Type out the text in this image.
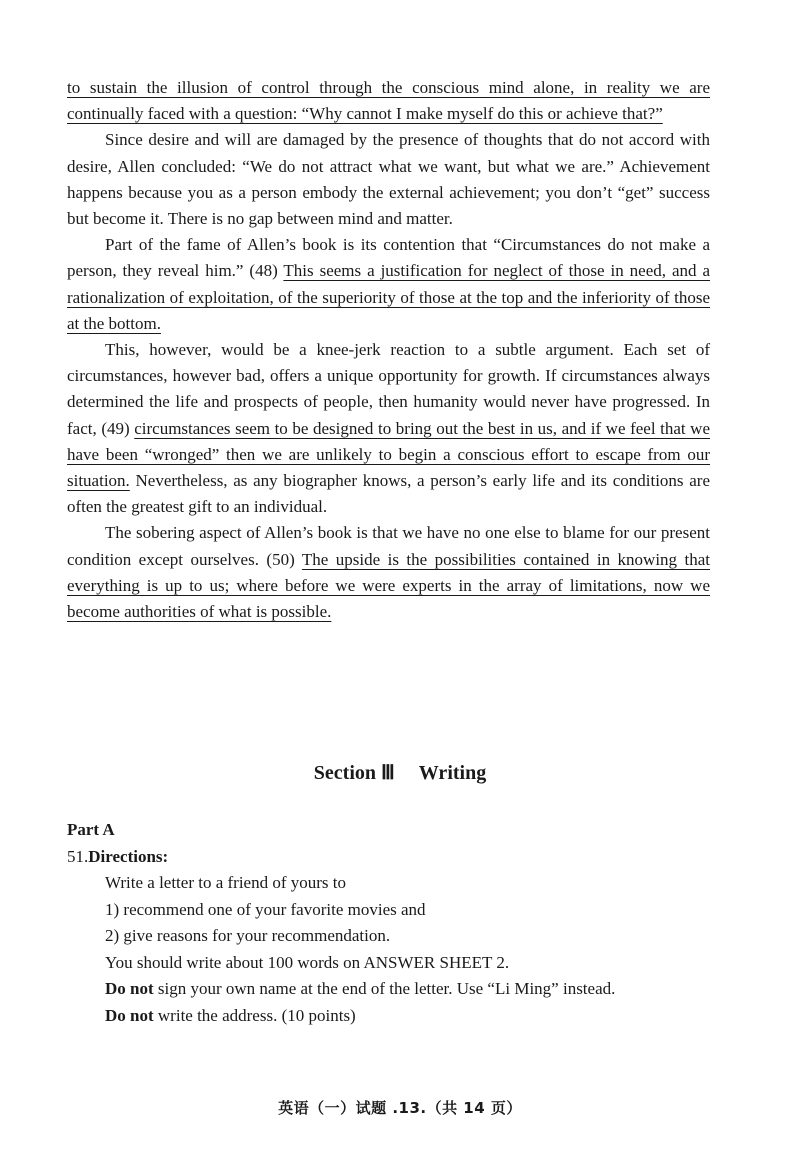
to sustain the illusion of control through the conscious mind alone, in reality we are continually faced with a question: “Why cannot I make myself do this or achieve that?”

Since desire and will are damaged by the presence of thoughts that do not accord with desire, Allen concluded: “We do not attract what we want, but what we are.” Achievement happens because you as a person embody the external achievement; you don’t “get” success but become it. There is no gap between mind and matter.

Part of the fame of Allen’s book is its contention that “Circumstances do not make a person, they reveal him.” (48) This seems a justification for neglect of those in need, and a rationalization of exploitation, of the superiority of those at the top and the inferiority of those at the bottom.

This, however, would be a knee-jerk reaction to a subtle argument. Each set of circumstances, however bad, offers a unique opportunity for growth. If circumstances always determined the life and prospects of people, then humanity would never have progressed. In fact, (49) circumstances seem to be designed to bring out the best in us, and if we feel that we have been “wronged” then we are unlikely to begin a conscious effort to escape from our situation. Nevertheless, as any biographer knows, a person’s early life and its conditions are often the greatest gift to an individual.

The sobering aspect of Allen’s book is that we have no one else to blame for our present condition except ourselves. (50) The upside is the possibilities contained in knowing that everything is up to us; where before we were experts in the array of limitations, now we become authorities of what is possible.

Section Ⅲ Writing
Part A
51.Directions:
Write a letter to a friend of yours to
1) recommend one of your favorite movies and
2) give reasons for your recommendation.
You should write about 100 words on ANSWER SHEET 2.
Do not sign your own name at the end of the letter. Use “Li Ming” instead.
Do not write the address. (10 points)
英语（一）试题 .13.（共 14 页）
